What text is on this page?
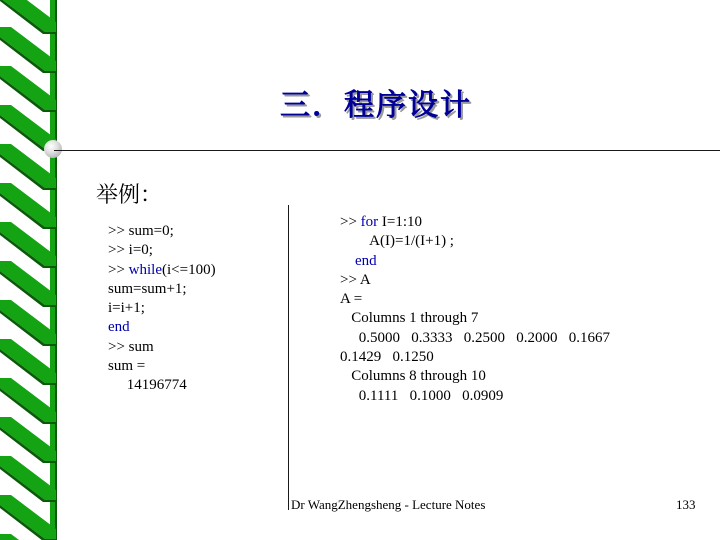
三．程序设计
举例：
>> sum=0;
>> i=0;
>> while(i<=100)
sum=sum+1;
i=i+1;
end
>> sum
sum =
14196774
>> for I=1:10
A(I)=1/(I+1) ;
end
>> A
A =
Columns 1 through 7
0.5000   0.3333   0.2500   0.2000   0.1667
0.1429   0.1250
Columns 8 through 10
0.1111   0.1000   0.0909
Dr WangZhengsheng - Lecture Notes	133
